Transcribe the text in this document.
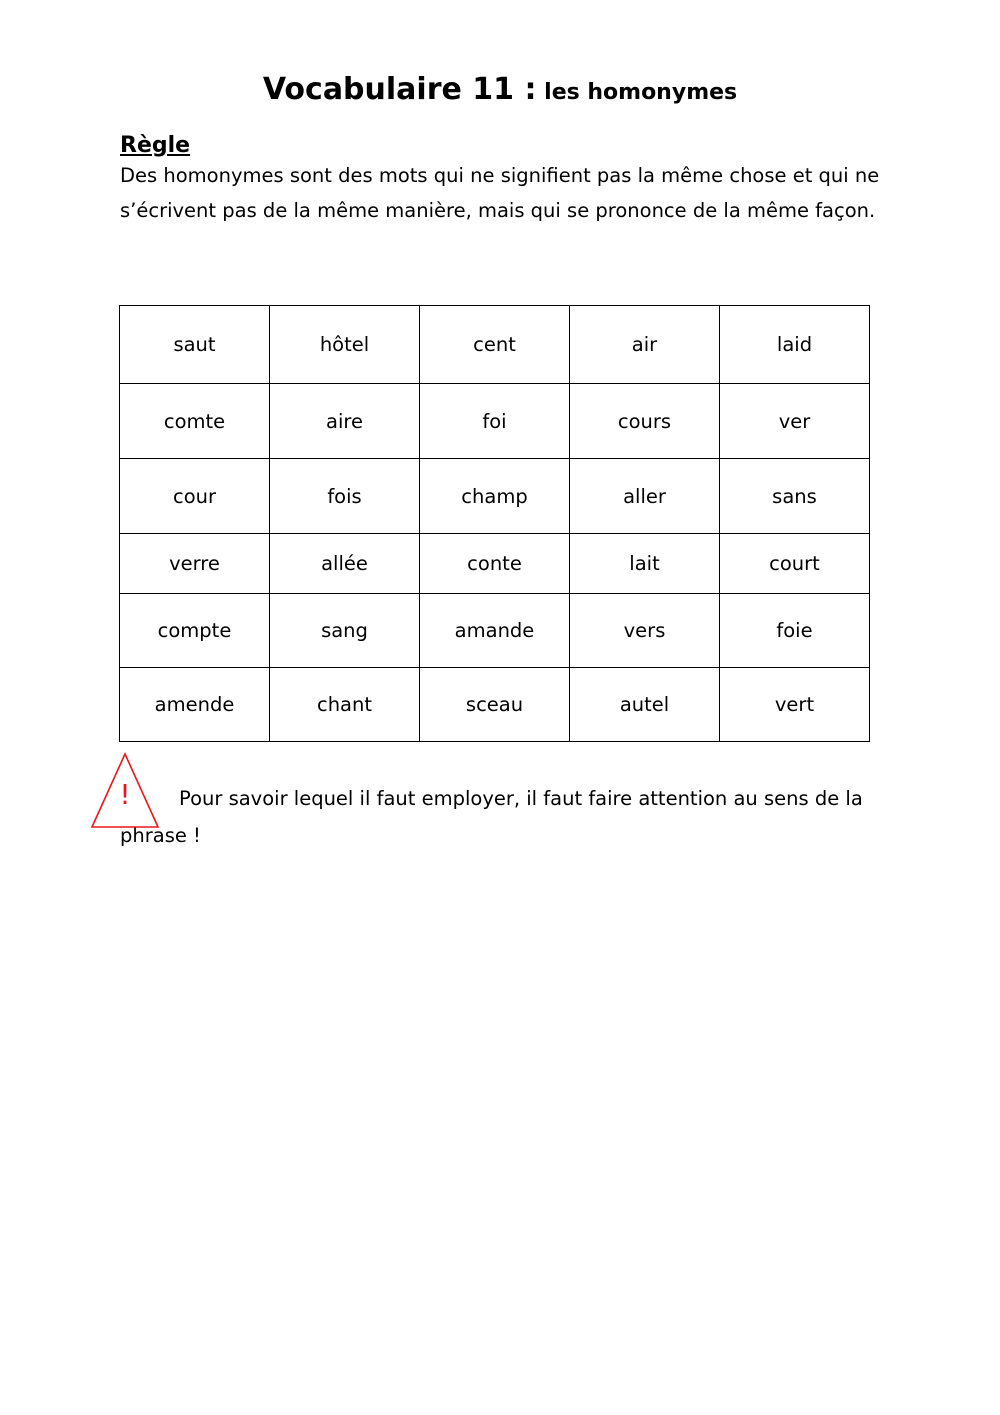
Vocabulaire 11 : les homonymes
Règle

Des homonymes sont des mots qui ne signifient pas la même chose et qui ne s’écrivent pas de la même manière, mais qui se prononce de la même façon.

saut	hôtel	cent	air	laid
comte	aire	foi	cours	ver
cour	fois	champ	aller	sans
verre	allée	conte	lait	court
compte	sang	amande	vers	foie
amende	chant	sceau	autel	vert

Pour savoir lequel il faut employer, il faut faire attention au sens de la phrase !

!
